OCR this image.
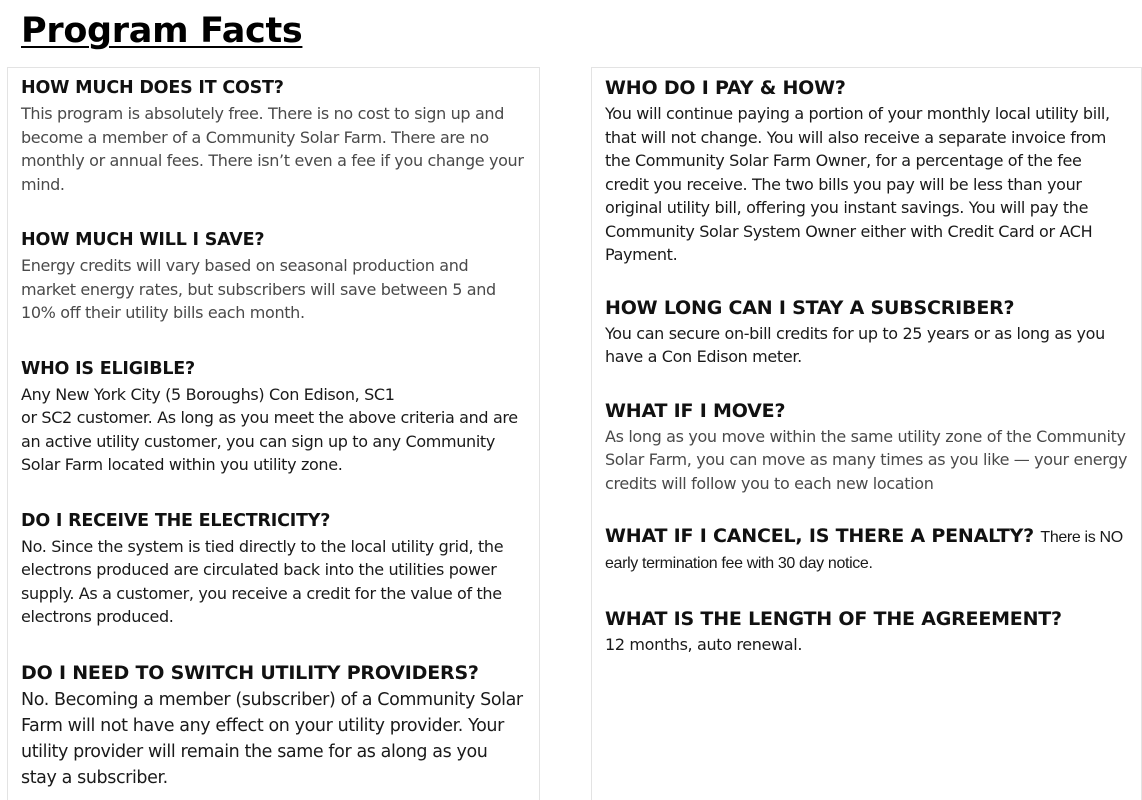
Program Facts
HOW MUCH DOES IT COST?

This program is absolutely free. There is no cost to sign up and become a member of a Community Solar Farm. There are no monthly or annual fees. There isn’t even a fee if you change your mind.

HOW MUCH WILL I SAVE?

Energy credits will vary based on seasonal production and market energy rates, but subscribers will save between 5 and 10% off their utility bills each month.

WHO IS ELIGIBLE?

Any New York City (5 Boroughs) Con Edison, SC1
or SC2 customer. As long as you meet the above criteria and are an active utility customer, you can sign up to any Community Solar Farm located within you utility zone.

DO I RECEIVE THE ELECTRICITY?

No. Since the system is tied directly to the local utility grid, the electrons produced are circulated back into the utilities power supply. As a customer, you receive a credit for the value of the electrons produced.

DO I NEED TO SWITCH UTILITY PROVIDERS?

No. Becoming a member (subscriber) of a Community Solar Farm will not have any effect on your utility provider. Your utility provider will remain the same for as along as you stay a subscriber.

WHO DO I PAY & HOW?

You will continue paying a portion of your monthly local utility bill, that will not change. You will also receive a separate invoice from the Community Solar Farm Owner, for a percentage of the fee credit you receive. The two bills you pay will be less than your original utility bill, offering you instant savings. You will pay the Community Solar System Owner either with Credit Card or ACH Payment.

HOW LONG CAN I STAY A SUBSCRIBER?

You can secure on-bill credits for up to 25 years or as long as you have a Con Edison meter.

WHAT IF I MOVE?

As long as you move within the same utility zone of the Community Solar Farm, you can move as many times as you like — your energy credits will follow you to each new location

WHAT IF I CANCEL, IS THERE A PENALTY? There is NO early termination fee with 30 day notice.
WHAT IS THE LENGTH OF THE AGREEMENT?

12 months, auto renewal.
